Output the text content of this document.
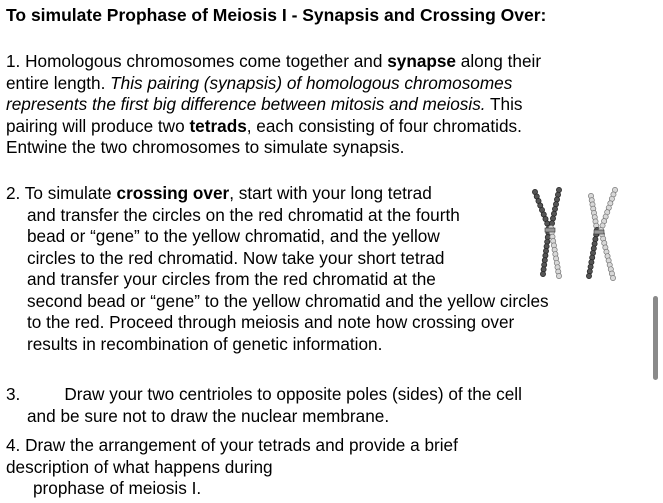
To simulate Prophase of Meiosis I - Synapsis and Crossing Over:
1. Homologous chromosomes come together and synapse along their
entire length. This pairing (synapsis) of homologous chromosomes
represents the first big difference between mitosis and meiosis. This
pairing will produce two tetrads, each consisting of four chromatids.
Entwine the two chromosomes to simulate synapsis.
2. To simulate crossing over, start with your long tetrad
and transfer the circles on the red chromatid at the fourth
bead or “gene” to the yellow chromatid, and the yellow
circles to the red chromatid. Now take your short tetrad
and transfer your circles from the red chromatid at the
second bead or “gene” to the yellow chromatid and the yellow circles
to the red. Proceed through meiosis and note how crossing over
results in recombination of genetic information.
3.	Draw your two centrioles to opposite poles (sides) of the cell
and be sure not to draw the nuclear membrane.
4. Draw the arrangement of your tetrads and provide a brief
description of what happens during
prophase of meiosis I.
